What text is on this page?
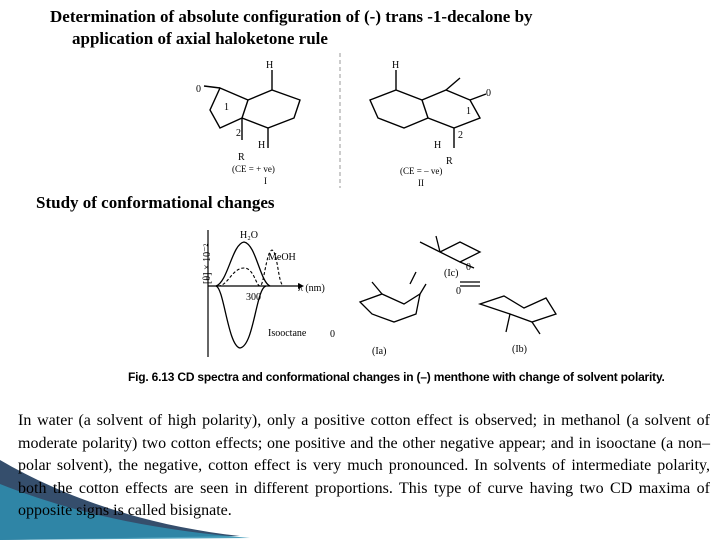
Determination of absolute configuration of (-) trans -1-decalone by
application of axial haloketone rule
0
1
2
H
H
R
(CE = + ve)
I
H
0
1
2
H
R
(CE = – ve)
II
Study of conformational changes
[θ] × 10⁻²
λ (nm)
H₂O
MeOH
300
Isooctane
(Ic)
0
0
(Ia)
0
(Ib)
Fig. 6.13 CD spectra and conformational changes in (–) menthone with change of solvent polarity.
In water (a solvent of high polarity), only a positive cotton effect is observed; in methanol (a solvent of moderate polarity) two cotton effects; one positive and the other negative appear; and in isooctane (a non–polar solvent), the negative, cotton effect is very much pronounced. In solvents of intermediate polarity, both the cotton effects are seen in different proportions. This type of curve having two CD maxima of opposite signs is called bisignate.
